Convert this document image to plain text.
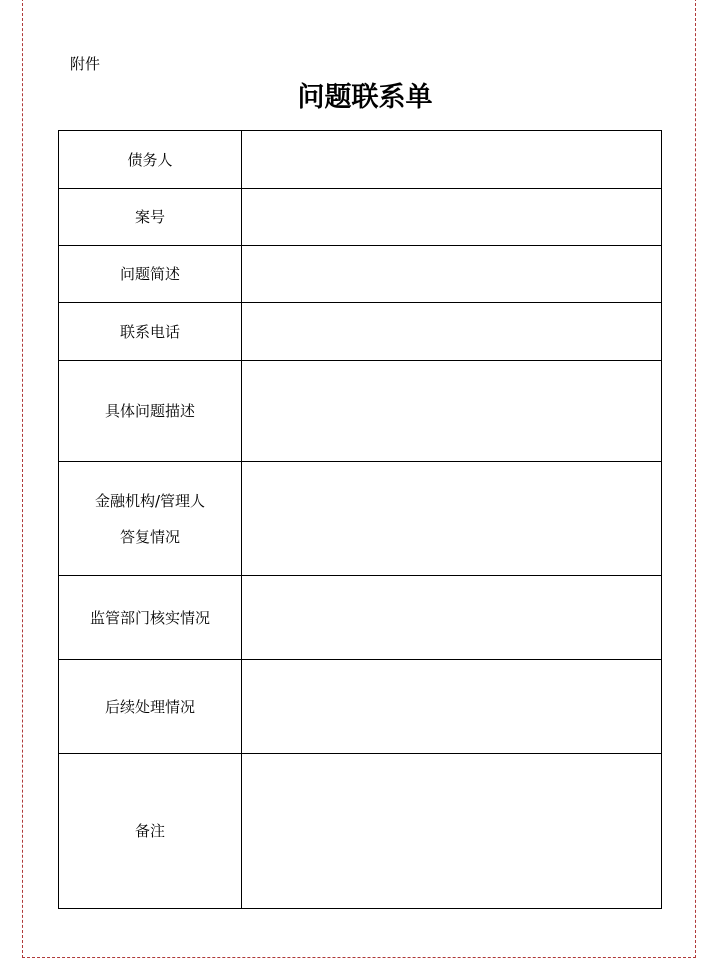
附件
问题联系单
债务人	

案号	

问题简述	

联系电话	

具体问题描述	

金融机构/管理人
答复情况	

监管部门核实情况	

后续处理情况	

备注	
